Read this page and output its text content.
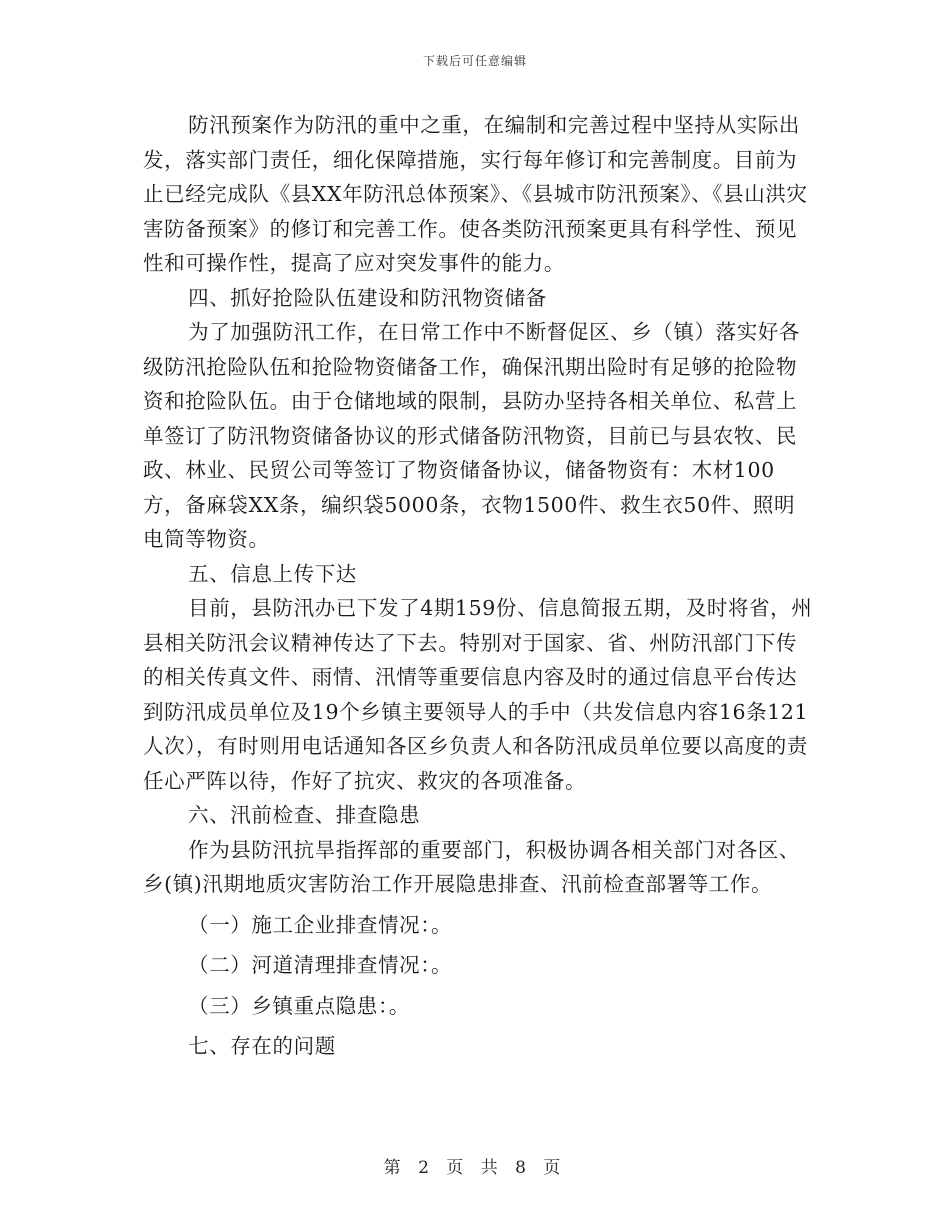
下载后可任意编辑

防汛预案作为防汛的重中之重，在编制和完善过程中坚持从实际出发，落实部门责任，细化保障措施，实行每年修订和完善制度。目前为止已经完成队《县XX年防汛总体预案》、《县城市防汛预案》、《县山洪灾害防备预案》的修订和完善工作。使各类防汛预案更具有科学性、预见性和可操作性，提高了应对突发事件的能力。

四、抓好抢险队伍建设和防汛物资储备

为了加强防汛工作，在日常工作中不断督促区、乡（镇）落实好各级防汛抢险队伍和抢险物资储备工作，确保汛期出险时有足够的抢险物资和抢险队伍。由于仓储地域的限制，县防办坚持各相关单位、私营上单签订了防汛物资储备协议的形式储备防汛物资，目前已与县农牧、民政、林业、民贸公司等签订了物资储备协议，储备物资有：木材100方，备麻袋XX条，编织袋5000条，衣物1500件、救生衣50件、照明电筒等物资。

五、信息上传下达

目前，县防汛办已下发了4期159份、信息简报五期，及时将省，州县相关防汛会议精神传达了下去。特别对于国家、省、州防汛部门下传的相关传真文件、雨情、汛情等重要信息内容及时的通过信息平台传达到防汛成员单位及19个乡镇主要领导人的手中（共发信息内容16条121人次），有时则用电话通知各区乡负责人和各防汛成员单位要以高度的责任心严阵以待，作好了抗灾、救灾的各项准备。

六、汛前检查、排查隐患

作为县防汛抗旱指挥部的重要部门，积极协调各相关部门对各区、乡(镇)汛期地质灾害防治工作开展隐患排查、汛前检查部署等工作。

（一）施工企业排查情况：。

（二）河道清理排查情况：。

（三）乡镇重点隐患：。

七、存在的问题

第 2 页 共 8 页
